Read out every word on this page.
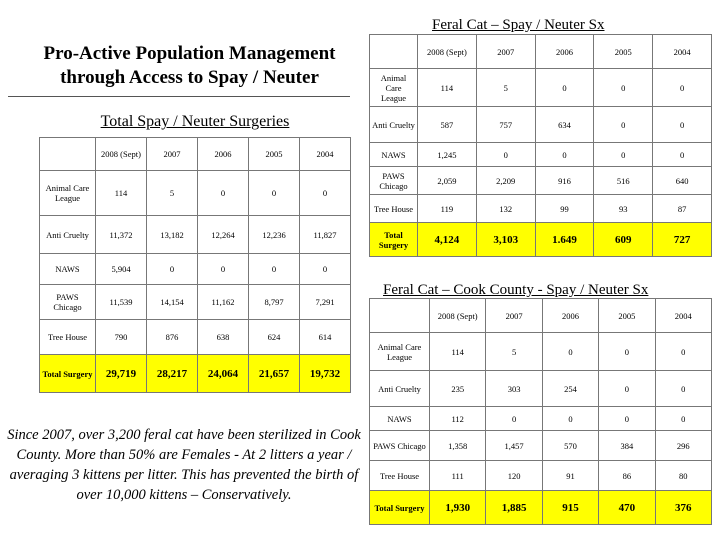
Pro-Active Population Management through Access to Spay / Neuter
Total Spay / Neuter Surgeries
	2008 (Sept)	2007	2006	2005	2004
Animal Care League	114	5	0	0	0
Anti Cruelty	11,372	13,182	12,264	12,236	11,827
NAWS	5,904	0	0	0	0
PAWS Chicago	11,539	14,154	11,162	8,797	7,291
Tree House	790	876	638	624	614
Total Surgery	29,719	28,217	24,064	21,657	19,732
Feral Cat – Spay / Neuter Sx
	2008 (Sept)	2007	2006	2005	2004
Animal Care League	114	5	0	0	0
Anti Cruelty	587	757	634	0	0
NAWS	1,245	0	0	0	0
PAWS Chicago	2,059	2,209	916	516	640
Tree House	119	132	99	93	87
Total Surgery	4,124	3,103	1.649	609	727
Feral Cat – Cook County - Spay / Neuter Sx
	2008 (Sept)	2007	2006	2005	2004
Animal Care League	114	5	0	0	0
Anti Cruelty	235	303	254	0	0
NAWS	112	0	0	0	0
PAWS Chicago	1,358	1,457	570	384	296
Tree House	111	120	91	86	80
Total Surgery	1,930	1,885	915	470	376
Since 2007, over 3,200 feral cat have been sterilized in Cook County. More than 50% are Females - At 2 litters a year / averaging 3 kittens per litter. This has prevented the birth of over 10,000 kittens – Conservatively.
